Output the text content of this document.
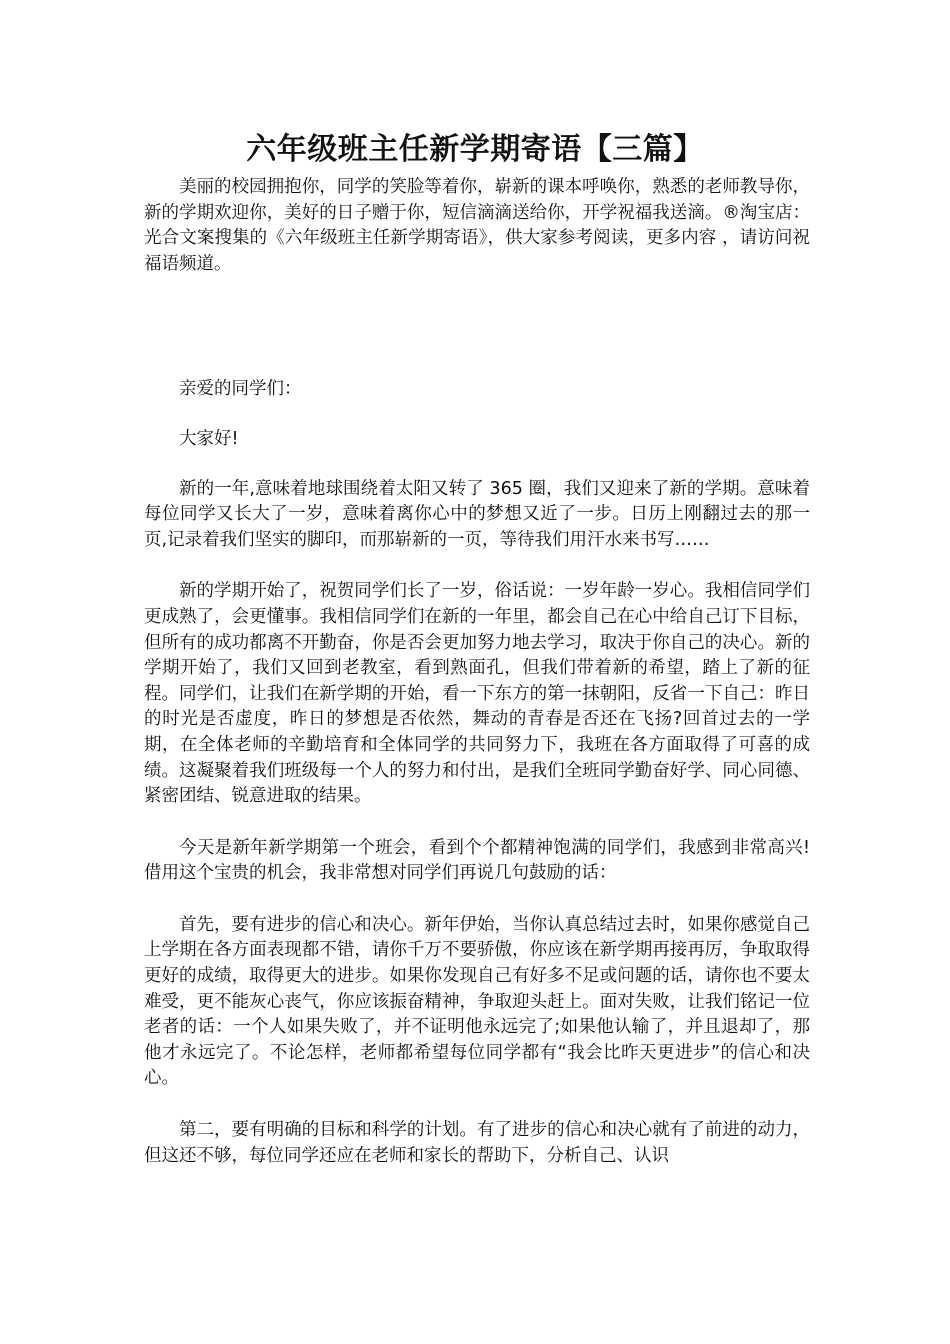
六年级班主任新学期寄语【三篇】

美丽的校园拥抱你，同学的笑脸等着你，崭新的课本呼唤你，熟悉的老师教导你，新的学期欢迎你，美好的日子赠于你，短信滴滴送给你，开学祝福我送滴。®淘宝店：光合文案搜集的《六年级班主任新学期寄语》，供大家参考阅读，更多内容 ，请访问祝福语频道。

亲爱的同学们：

大家好!

新的一年,意味着地球围绕着太阳又转了 365 圈，我们又迎来了新的学期。意味着每位同学又长大了一岁，意味着离你心中的梦想又近了一步。日历上刚翻过去的那一页,记录着我们坚实的脚印，而那崭新的一页，等待我们用汗水来书写……

新的学期开始了，祝贺同学们长了一岁，俗话说：一岁年龄一岁心。我相信同学们更成熟了，会更懂事。我相信同学们在新的一年里，都会自己在心中给自己订下目标，但所有的成功都离不开勤奋，你是否会更加努力地去学习，取决于你自己的决心。新的学期开始了，我们又回到老教室，看到熟面孔，但我们带着新的希望，踏上了新的征程。同学们，让我们在新学期的开始，看一下东方的第一抹朝阳，反省一下自己：昨日的时光是否虚度，昨日的梦想是否依然，舞动的青春是否还在飞扬?回首过去的一学期，在全体老师的辛勤培育和全体同学的共同努力下，我班在各方面取得了可喜的成绩。这凝聚着我们班级每一个人的努力和付出，是我们全班同学勤奋好学、同心同德、紧密团结、锐意进取的结果。

今天是新年新学期第一个班会，看到个个都精神饱满的同学们，我感到非常高兴!借用这个宝贵的机会，我非常想对同学们再说几句鼓励的话：

首先，要有进步的信心和决心。新年伊始，当你认真总结过去时，如果你感觉自己上学期在各方面表现都不错，请你千万不要骄傲，你应该在新学期再接再厉，争取取得更好的成绩，取得更大的进步。如果你发现自己有好多不足或问题的话，请你也不要太难受，更不能灰心丧气，你应该振奋精神，争取迎头赶上。面对失败，让我们铭记一位老者的话：一个人如果失败了，并不证明他永远完了;如果他认输了，并且退却了，那他才永远完了。不论怎样，老师都希望每位同学都有“我会比昨天更进步”的信心和决心。

第二，要有明确的目标和科学的计划。有了进步的信心和决心就有了前进的动力，但这还不够，每位同学还应在老师和家长的帮助下，分析自己、认识
